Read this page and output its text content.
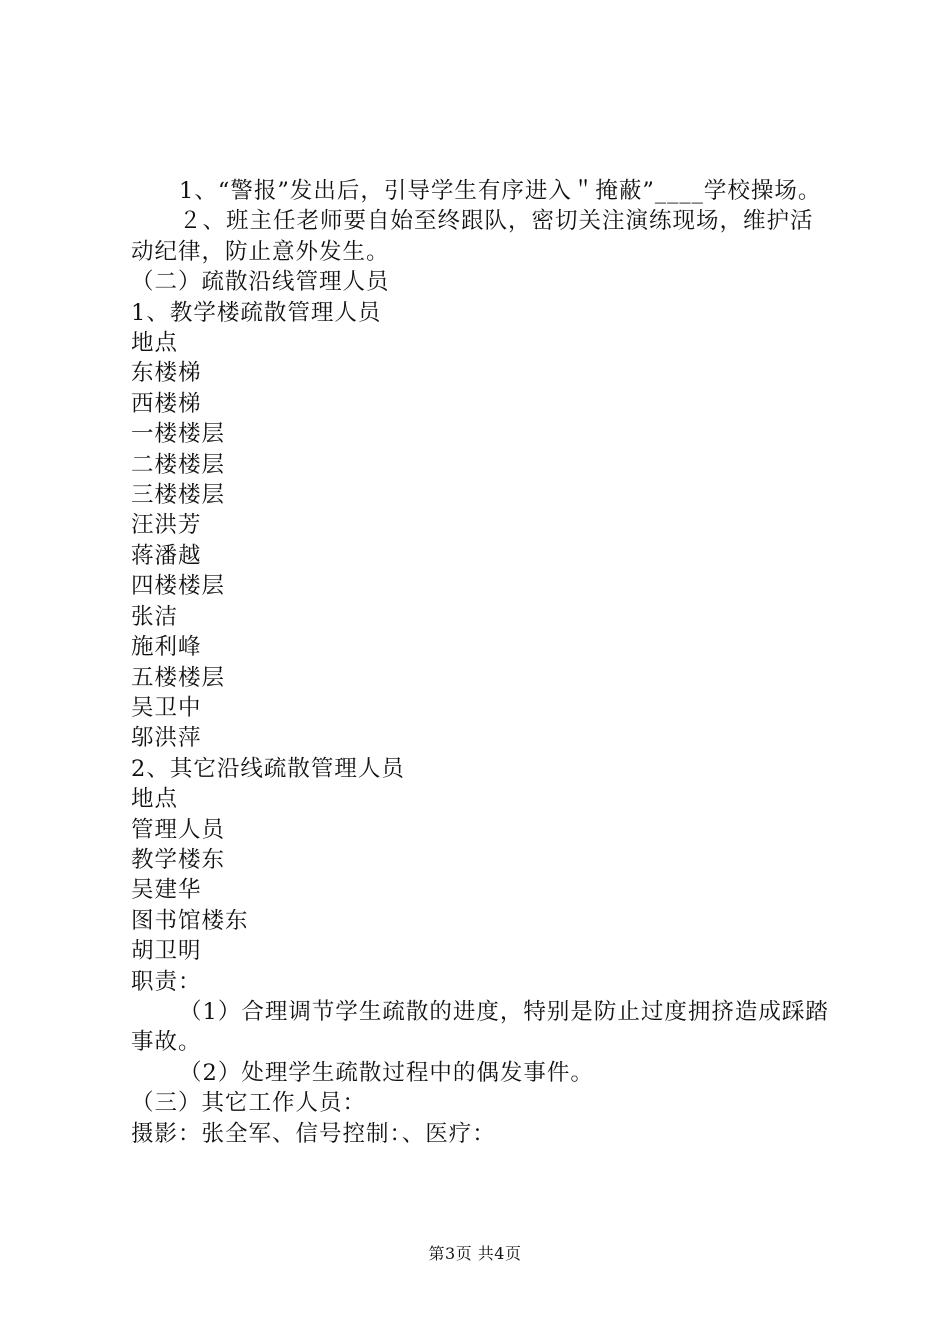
1、“警报”发出后，引导学生有序进入＂掩蔽”____学校操场。

２、班主任老师要自始至终跟队，密切关注演练现场，维护活动纪律，防止意外发生。

（二）疏散沿线管理人员

1、教学楼疏散管理人员

地点

东楼梯

西楼梯

一楼楼层

二楼楼层

三楼楼层

汪洪芳

蒋潘越

四楼楼层

张洁

施利峰

五楼楼层

吴卫中

邬洪萍

2、其它沿线疏散管理人员

地点

管理人员

教学楼东

吴建华

图书馆楼东

胡卫明

职责：

（1）合理调节学生疏散的进度，特别是防止过度拥挤造成踩踏事故。

（2）处理学生疏散过程中的偶发事件。

（三）其它工作人员：

摄影：张全军、信号控制：、医疗：

第3页 共4页
